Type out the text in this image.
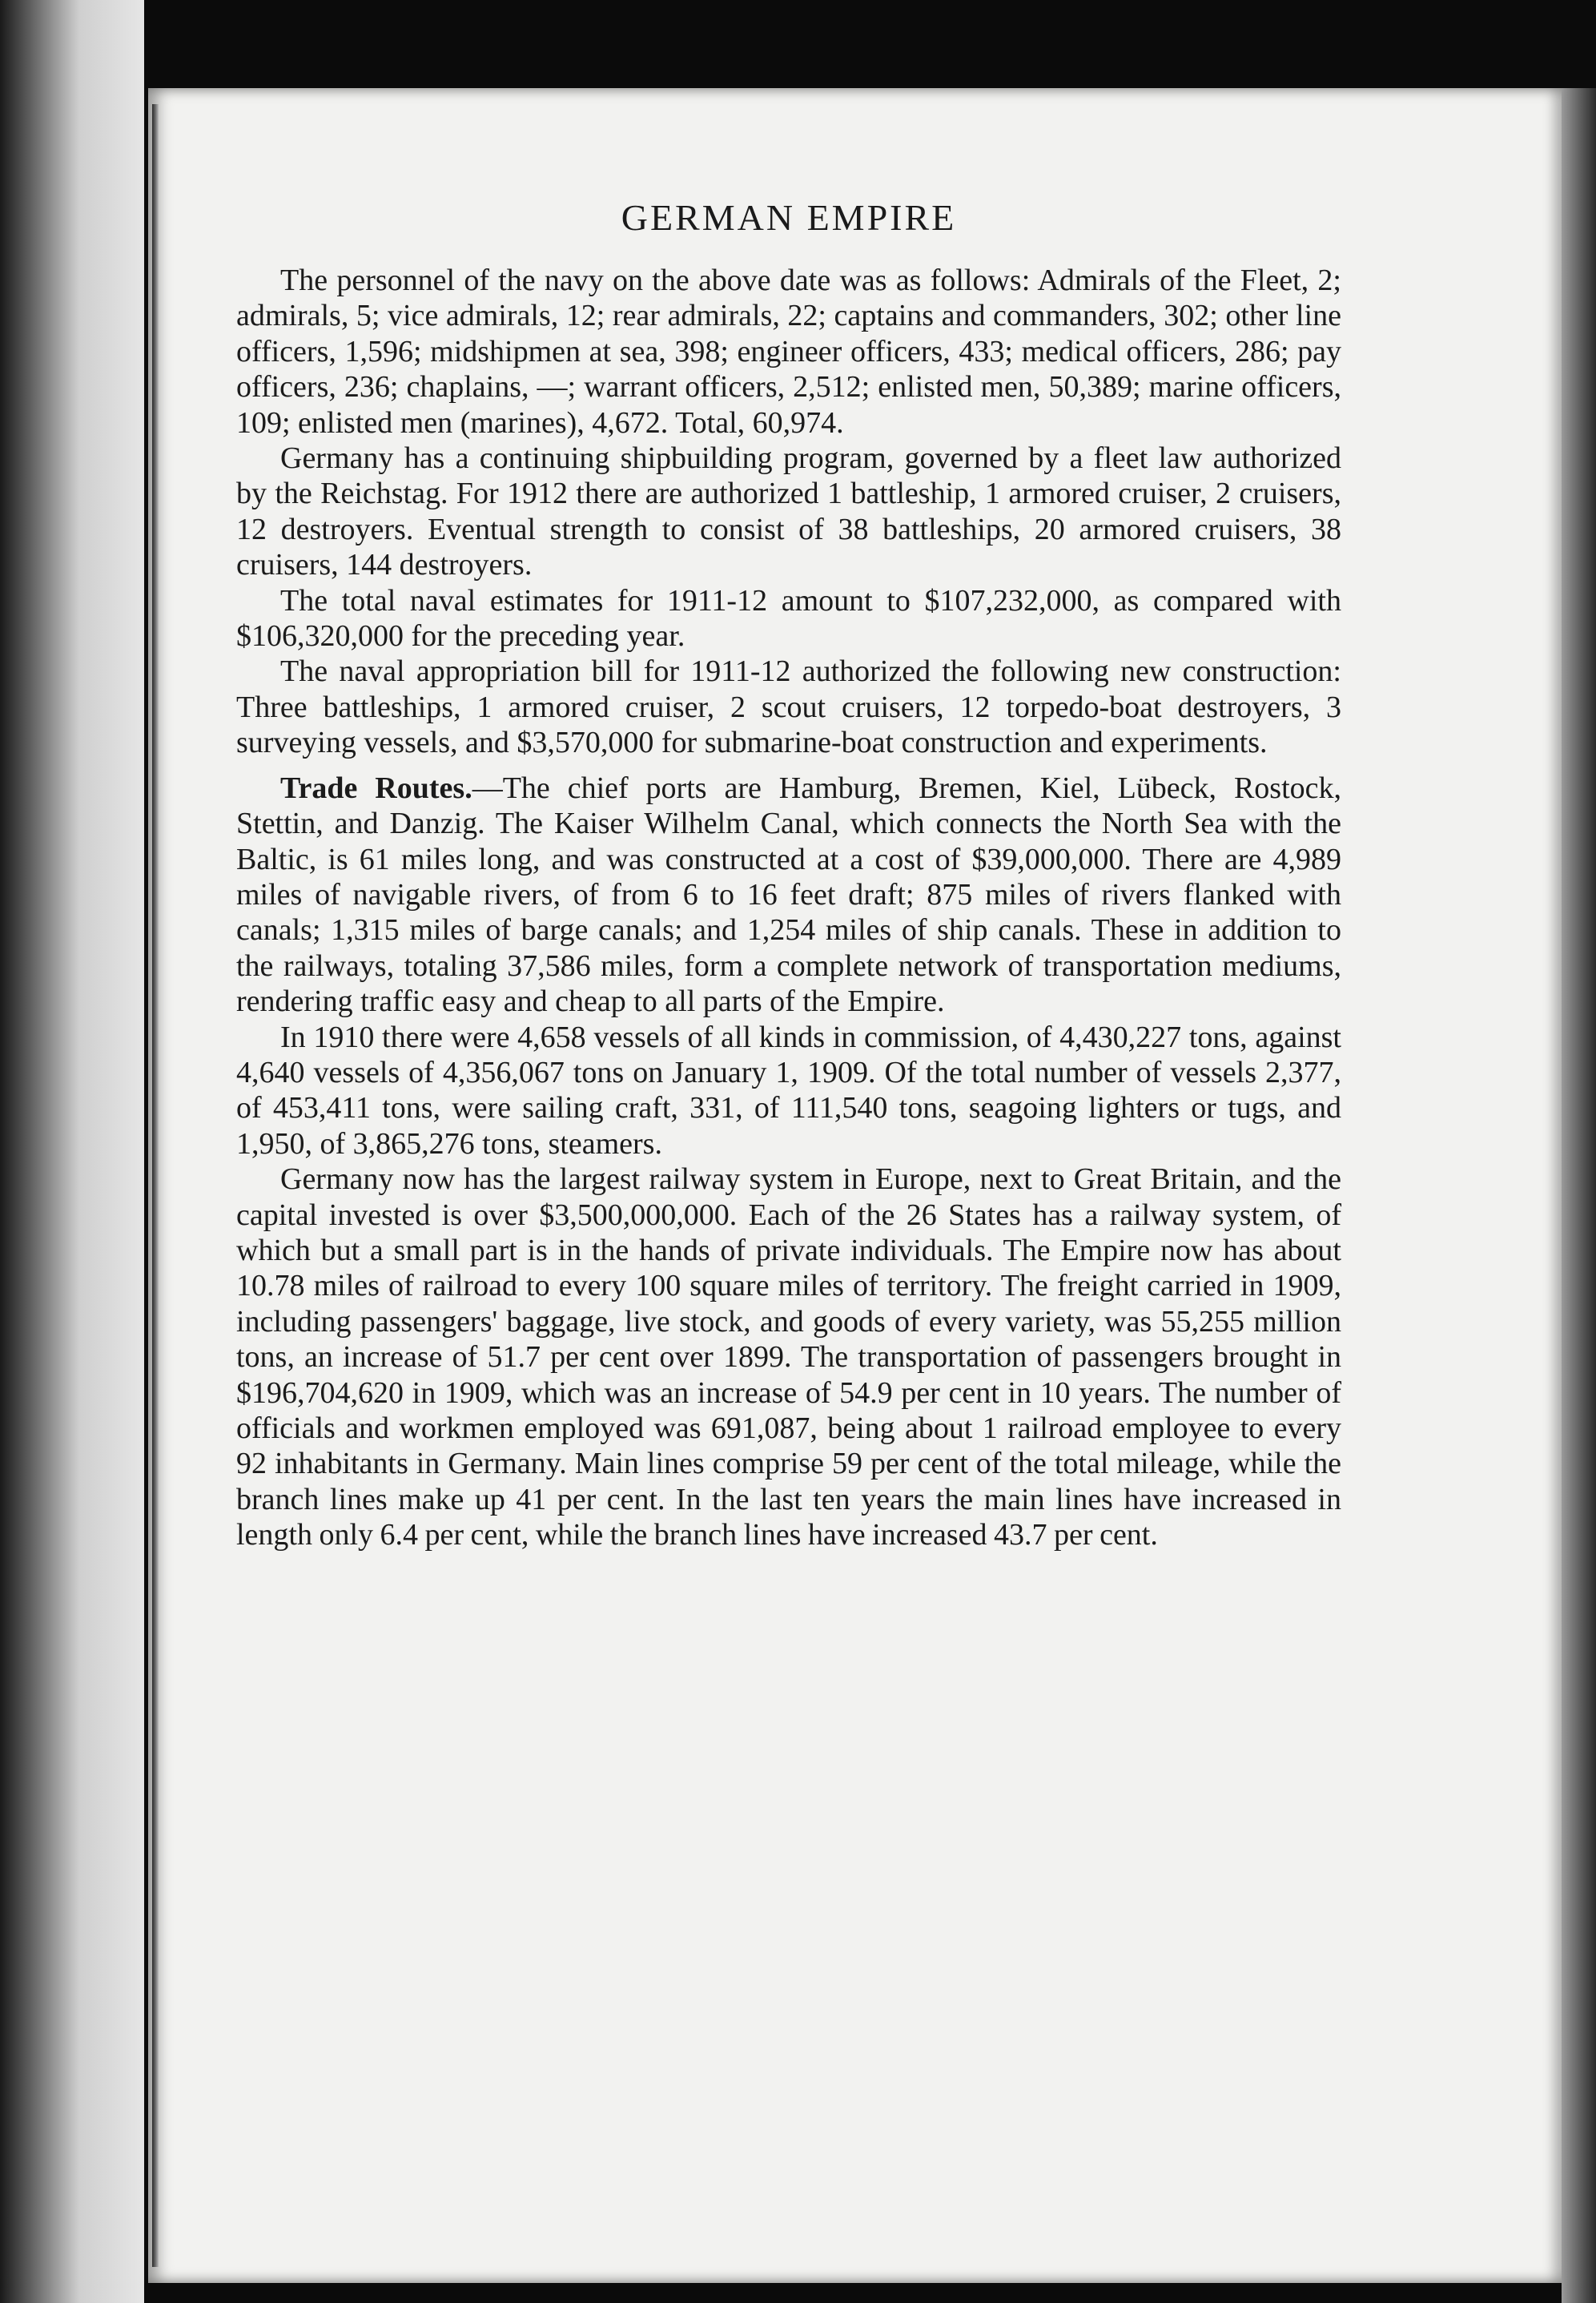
GERMAN EMPIRE

The personnel of the navy on the above date was as follows: Admirals of the Fleet, 2; admirals, 5; vice admirals, 12; rear admirals, 22; captains and commanders, 302; other line officers, 1,596; midshipmen at sea, 398; engineer officers, 433; medical officers, 286; pay officers, 236; chaplains, —; warrant officers, 2,512; enlisted men, 50,389; marine officers, 109; enlisted men (marines), 4,672. Total, 60,974.

Germany has a continuing shipbuilding program, governed by a fleet law authorized by the Reichstag. For 1912 there are authorized 1 battleship, 1 armored cruiser, 2 cruisers, 12 destroyers. Eventual strength to consist of 38 battleships, 20 armored cruisers, 38 cruisers, 144 destroyers.

The total naval estimates for 1911-12 amount to $107,232,000, as compared with $106,320,000 for the preceding year.

The naval appropriation bill for 1911-12 authorized the following new construction: Three battleships, 1 armored cruiser, 2 scout cruisers, 12 torpedo-boat destroyers, 3 surveying vessels, and $3,570,000 for submarine-boat construction and experiments.

Trade Routes.—The chief ports are Hamburg, Bremen, Kiel, Lübeck, Rostock, Stettin, and Danzig. The Kaiser Wilhelm Canal, which connects the North Sea with the Baltic, is 61 miles long, and was constructed at a cost of $39,000,000. There are 4,989 miles of navigable rivers, of from 6 to 16 feet draft; 875 miles of rivers flanked with canals; 1,315 miles of barge canals; and 1,254 miles of ship canals. These in addition to the railways, totaling 37,586 miles, form a complete network of transportation mediums, rendering traffic easy and cheap to all parts of the Empire.

In 1910 there were 4,658 vessels of all kinds in commission, of 4,430,227 tons, against 4,640 vessels of 4,356,067 tons on January 1, 1909. Of the total number of vessels 2,377, of 453,411 tons, were sailing craft, 331, of 111,540 tons, seagoing lighters or tugs, and 1,950, of 3,865,276 tons, steamers.

Germany now has the largest railway system in Europe, next to Great Britain, and the capital invested is over $3,500,000,000. Each of the 26 States has a railway system, of which but a small part is in the hands of private individuals. The Empire now has about 10.78 miles of railroad to every 100 square miles of territory. The freight carried in 1909, including passengers' baggage, live stock, and goods of every variety, was 55,255 million tons, an increase of 51.7 per cent over 1899. The transportation of passengers brought in $196,704,620 in 1909, which was an increase of 54.9 per cent in 10 years. The number of officials and workmen employed was 691,087, being about 1 railroad employee to every 92 inhabitants in Germany. Main lines comprise 59 per cent of the total mileage, while the branch lines make up 41 per cent. In the last ten years the main lines have increased in length only 6.4 per cent, while the branch lines have increased 43.7 per cent.
